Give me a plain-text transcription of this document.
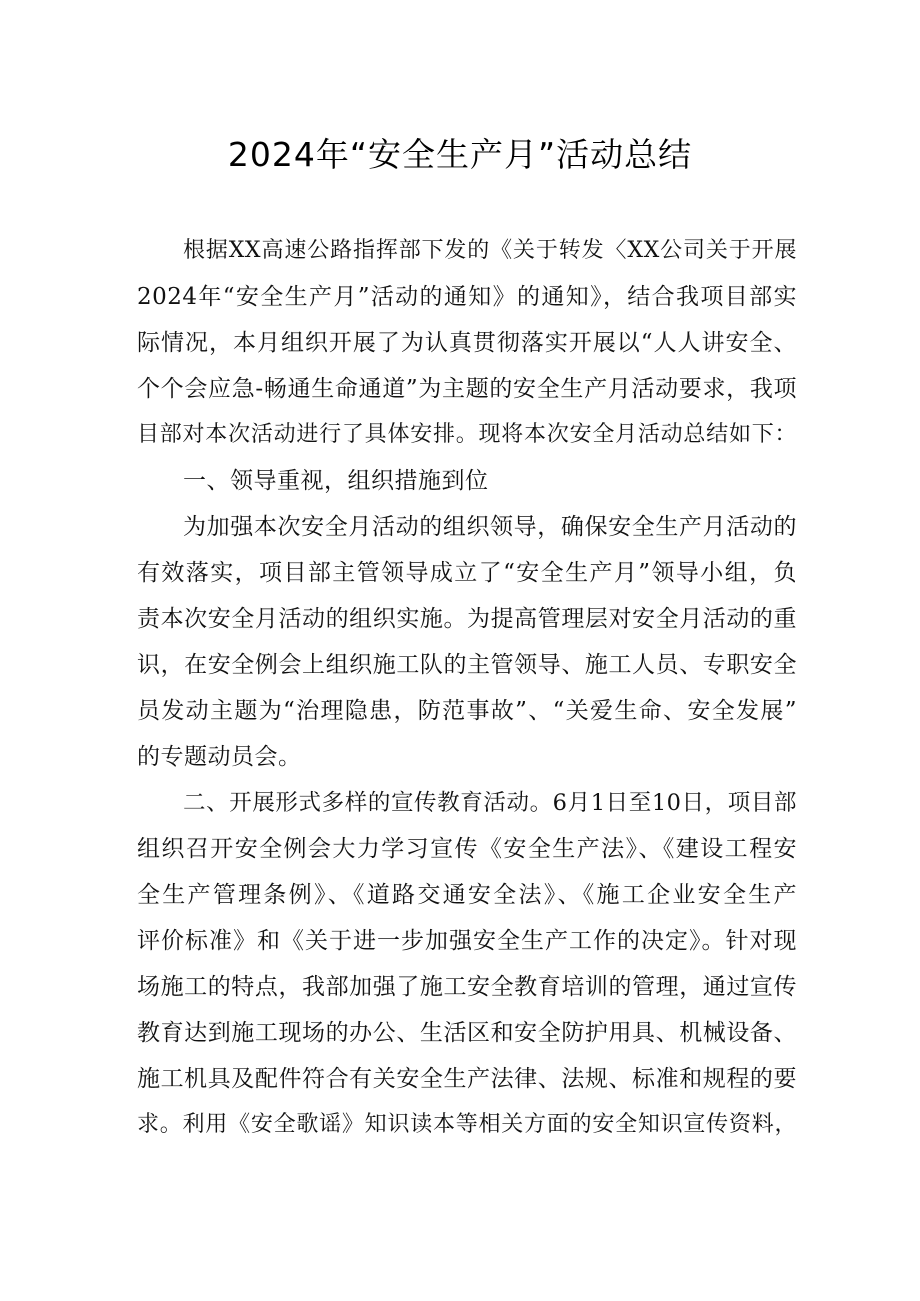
2024年“安全生产月”活动总结
根据XX高速公路指挥部下发的《关于转发〈XX公司关于开展
2024年“安全生产月”活动的通知》的通知》，结合我项目部实
际情况，本月组织开展了为认真贯彻落实开展以“人人讲安全、
个个会应急-畅通生命通道”为主题的安全生产月活动要求，我项
目部对本次活动进行了具体安排。现将本次安全月活动总结如下：
一、领导重视，组织措施到位
为加强本次安全月活动的组织领导，确保安全生产月活动的
有效落实，项目部主管领导成立了“安全生产月”领导小组，负
责本次安全月活动的组织实施。为提高管理层对安全月活动的重
识，在安全例会上组织施工队的主管领导、施工人员、专职安全
员发动主题为“治理隐患，防范事故”、“关爱生命、安全发展”
的专题动员会。
二、开展形式多样的宣传教育活动。6月1日至10日，项目部
组织召开安全例会大力学习宣传《安全生产法》、《建设工程安
全生产管理条例》、《道路交通安全法》、《施工企业安全生产
评价标准》和《关于进一步加强安全生产工作的决定》。针对现
场施工的特点，我部加强了施工安全教育培训的管理，通过宣传
教育达到施工现场的办公、生活区和安全防护用具、机械设备、
施工机具及配件符合有关安全生产法律、法规、标准和规程的要
求。利用《安全歌谣》知识读本等相关方面的安全知识宣传资料，
